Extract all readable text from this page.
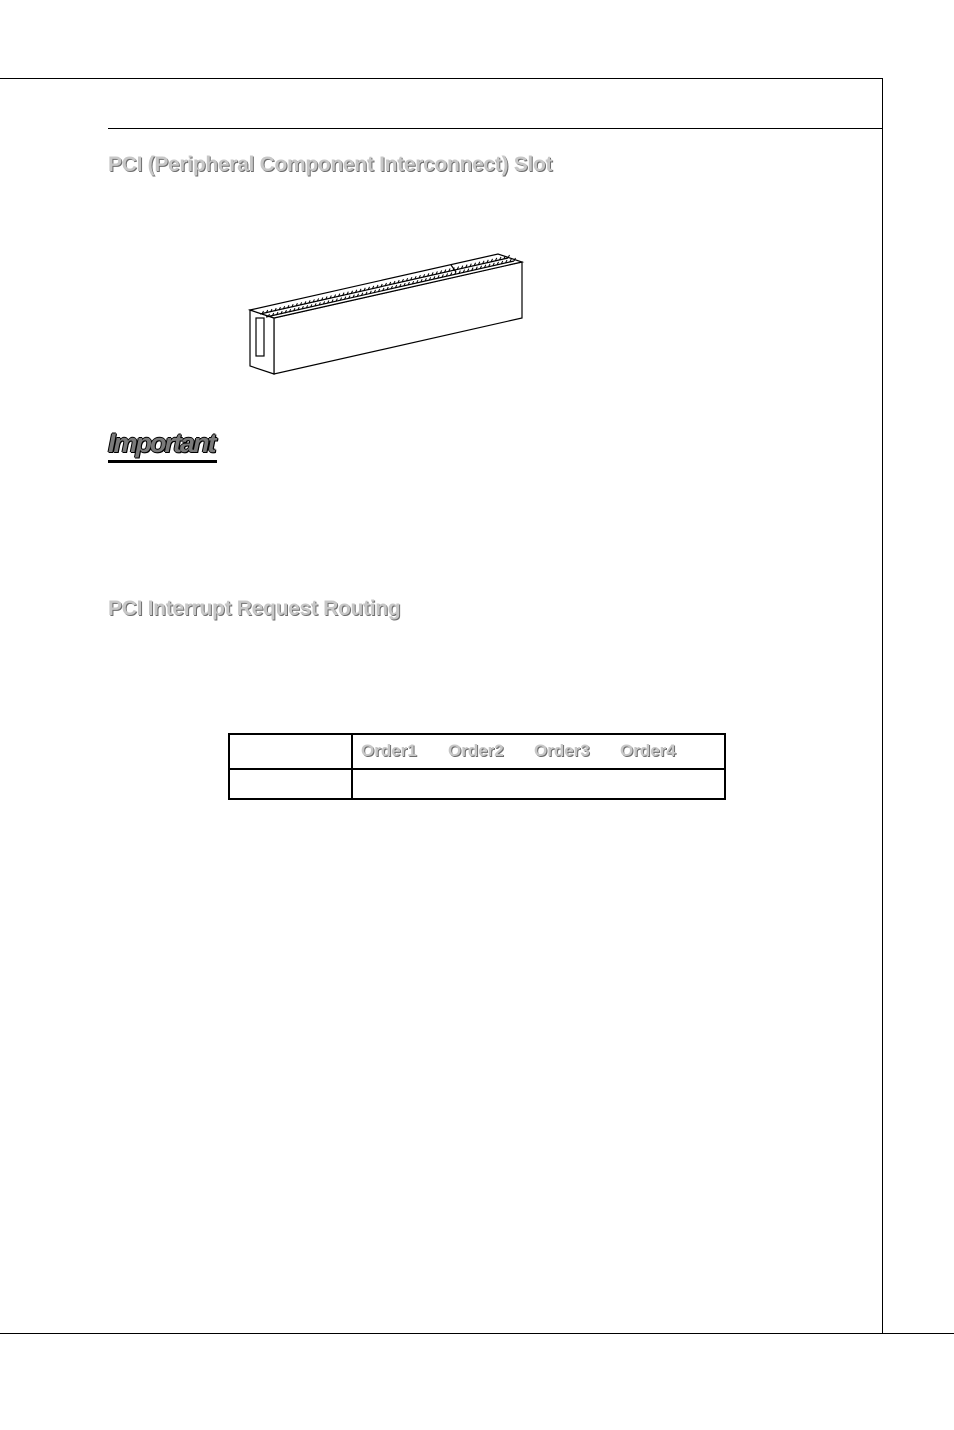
PCI (Peripheral Component Interconnect) Slot
Important
PCI Interrupt Request Routing
Order1 Order2 Order3 Order4
